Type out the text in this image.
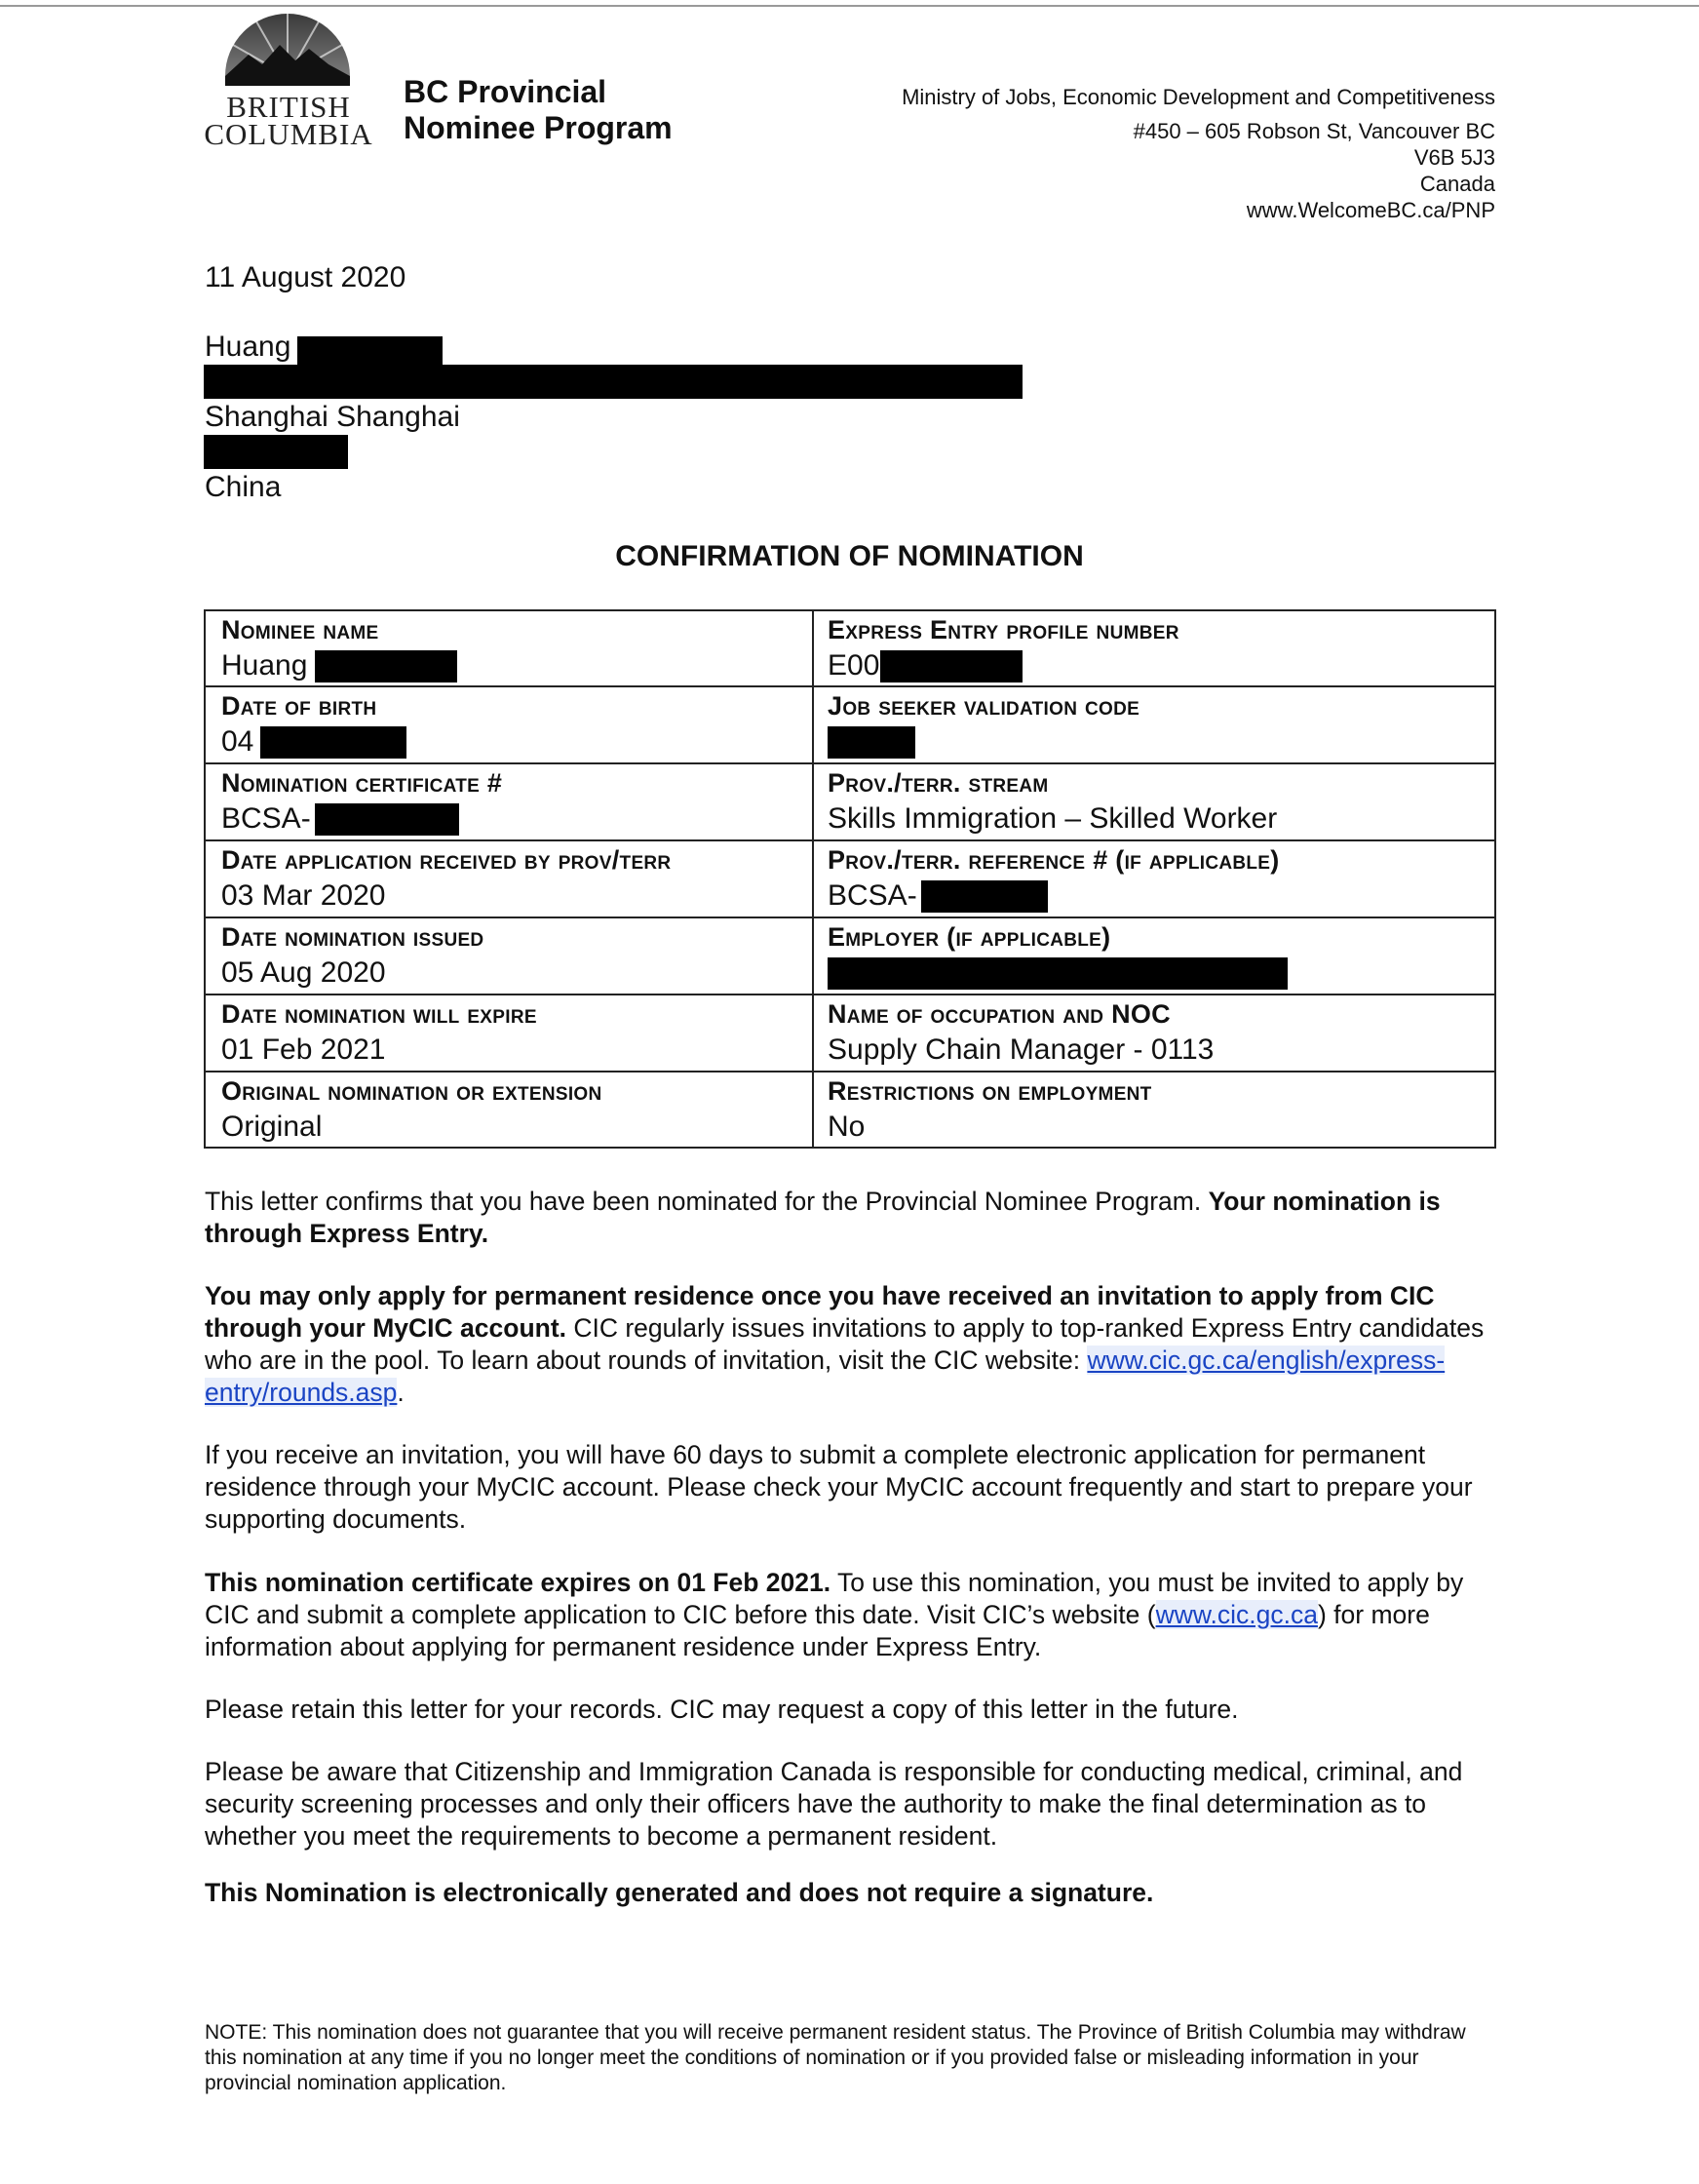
BRITISH
COLUMBIA
BC Provincial
Nominee Program
Ministry of Jobs, Economic Development and Competitiveness
#450 – 605 Robson St, Vancouver BC
V6B 5J3
Canada
www.WelcomeBC.ca/PNP
11 August 2020
Huang
Shanghai Shanghai
China
CONFIRMATION OF NOMINATION
Nominee name
Huang
Date of birth
04
Nomination certificate #
BCSA-
Date application received by prov/terr
03 Mar 2020
Date nomination issued
05 Aug 2020
Date nomination will expire
01 Feb 2021
Original nomination or extension
Original
Express Entry profile number
E00
Job seeker validation code
Prov./terr. stream
Skills Immigration – Skilled Worker
Prov./terr. reference # (if applicable)
BCSA-
Employer (if applicable)
Name of occupation and NOC
Supply Chain Manager - 0113
Restrictions on employment
No
This letter confirms that you have been nominated for the Provincial Nominee Program. Your nomination is through Express Entry.
You may only apply for permanent residence once you have received an invitation to apply from CIC through your MyCIC account. CIC regularly issues invitations to apply to top-ranked Express Entry candidates who are in the pool. To learn about rounds of invitation, visit the CIC website: www.cic.gc.ca/english/express-entry/rounds.asp.
If you receive an invitation, you will have 60 days to submit a complete electronic application for permanent residence through your MyCIC account. Please check your MyCIC account frequently and start to prepare your supporting documents.
This nomination certificate expires on 01 Feb 2021. To use this nomination, you must be invited to apply by CIC and submit a complete application to CIC before this date. Visit CIC’s website (www.cic.gc.ca) for more information about applying for permanent residence under Express Entry.
Please retain this letter for your records. CIC may request a copy of this letter in the future.
Please be aware that Citizenship and Immigration Canada is responsible for conducting medical, criminal, and security screening processes and only their officers have the authority to make the final determination as to whether you meet the requirements to become a permanent resident.
This Nomination is electronically generated and does not require a signature.
NOTE: This nomination does not guarantee that you will receive permanent resident status. The Province of British Columbia may withdraw this nomination at any time if you no longer meet the conditions of nomination or if you provided false or misleading information in your provincial nomination application.
